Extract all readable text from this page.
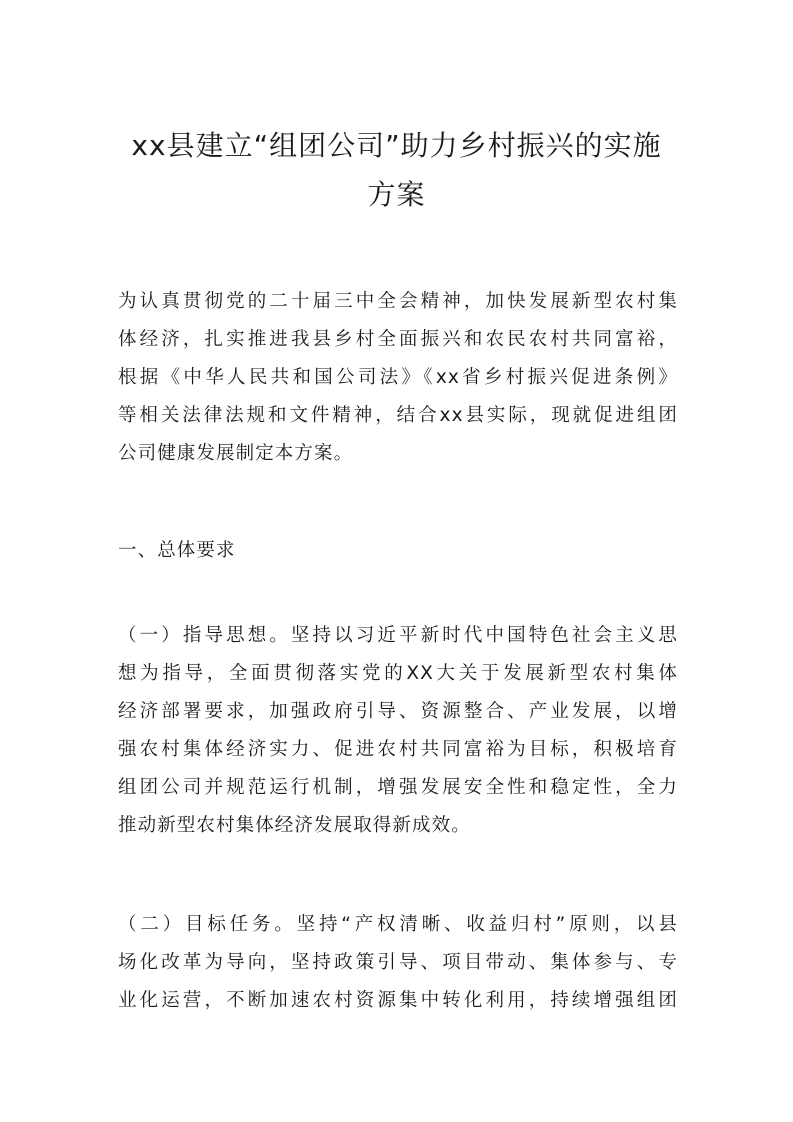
xx县建立“组团公司”助力乡村振兴的实施
方案
为认真贯彻党的二十届三中全会精神，加快发展新型农村集
体经济，扎实推进我县乡村全面振兴和农民农村共同富裕，
根据《中华人民共和国公司法》《xx省乡村振兴促进条例》
等相关法律法规和文件精神，结合xx县实际，现就促进组团
公司健康发展制定本方案。
一、总体要求
（一）指导思想。坚持以习近平新时代中国特色社会主义思
想为指导，全面贯彻落实党的XX大关于发展新型农村集体
经济部署要求，加强政府引导、资源整合、产业发展，以增
强农村集体经济实力、促进农村共同富裕为目标，积极培育
组团公司并规范运行机制，增强发展安全性和稳定性，全力
推动新型农村集体经济发展取得新成效。
（二）目标任务。坚持“产权清晰、收益归村”原则，以县
场化改革为导向，坚持政策引导、项目带动、集体参与、专
业化运营，不断加速农村资源集中转化利用，持续增强组团
